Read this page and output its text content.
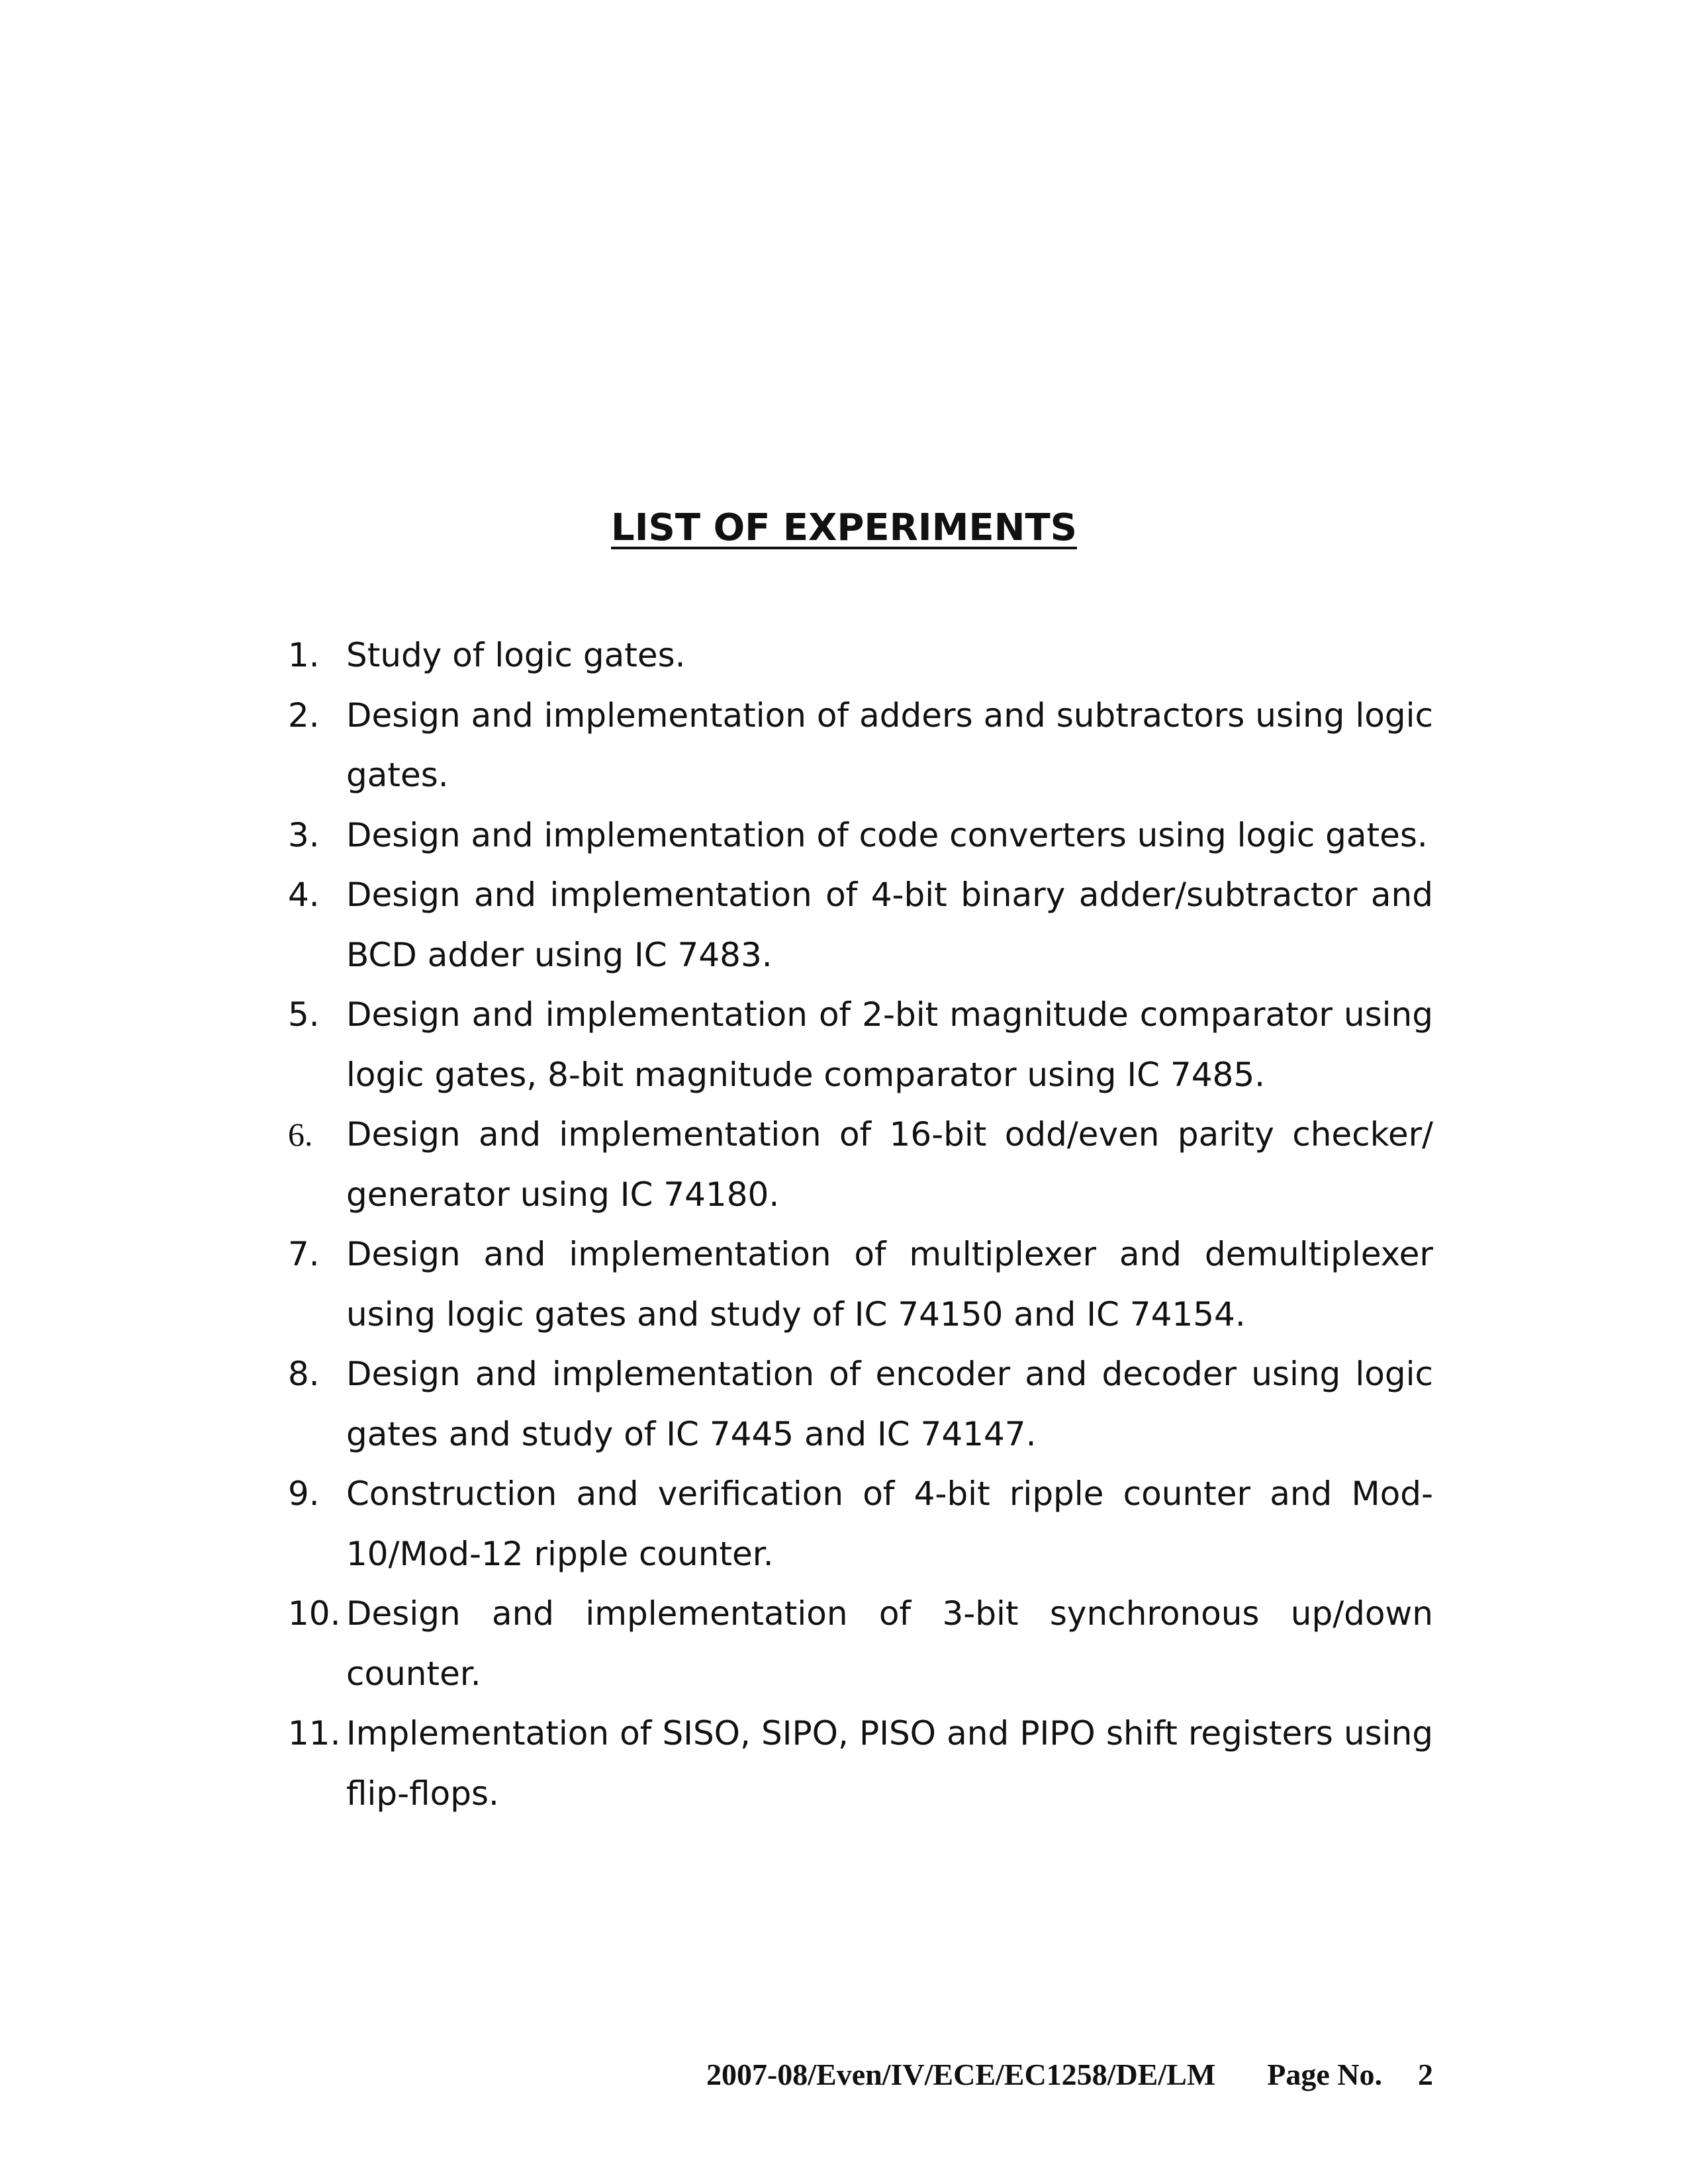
LIST OF EXPERIMENTS
1. Study of logic gates.
2. Design and implementation of adders and subtractors using logic gates.
3. Design and implementation of code converters using logic gates.
4. Design and implementation of 4-bit binary adder/subtractor and BCD adder using IC 7483.
5. Design and implementation of 2-bit magnitude comparator using logic gates, 8-bit magnitude comparator using IC 7485.
6. Design and implementation of 16-bit odd/even parity checker/ generator using IC 74180.
7. Design and implementation of multiplexer and demultiplexer using logic gates and study of IC 74150 and IC 74154.
8. Design and implementation of encoder and decoder using logic gates and study of IC 7445 and IC 74147.
9. Construction and verification of 4-bit ripple counter and Mod-10/Mod-12 ripple counter.
10. Design and implementation of 3-bit synchronous up/down counter.
11. Implementation of SISO, SIPO, PISO and PIPO shift registers using flip-flops.
2007-08/Even/IV/ECE/EC1258/DE/LM Page No. 2
